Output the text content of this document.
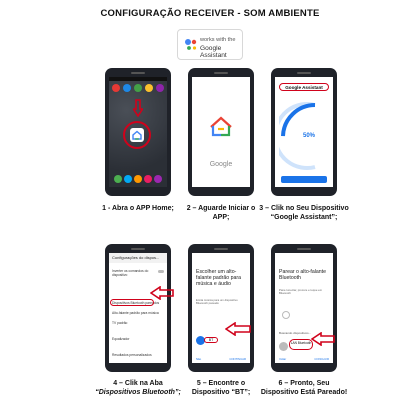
CONFIGURAÇÃO RECEIVER - SOM AMBIENTE
works with the
Google Assistant
1 - Abra o APP Home;
Google
2 – Aguarde Iniciar o
APP;
Google Assistant
50%
3 – Clik no Seu Dispositivo
“Google Assistant”;
Configurações do dispos...
Inverter os comandos do dispositivo
Dispositivos Bluetooth pareados
Alto-falante padrão para música
TV padrão
Equalizador
Resultados personalizados
4 – Clik na Aba
“Dispositivos Bluetooth”;
Escolher um alto-falante padrão para música e áudio
Emita música para um dispositivo Bluetooth pareado
BT
Não	CONTINUAR
5 – Encontre o
Dispositivo “BT”;
Parear o alto-falante Bluetooth
Para conectar, procure e toque em Bluetooth
Buscando dispositivos...
LAN Bluetooth
Voltar	CONCLUIR
6 – Pronto, Seu
Dispositivo Está Pareado!
